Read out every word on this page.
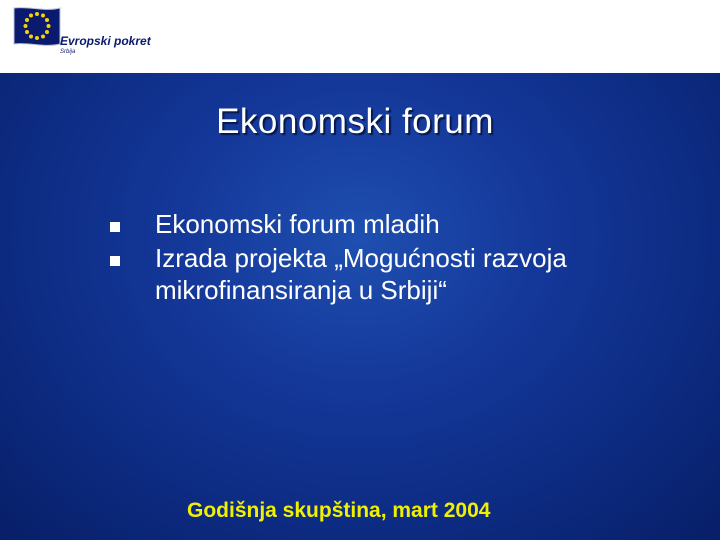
Evropski pokret
Srbija
Ekonomski forum
Ekonomski forum mladih
Izrada projekta „Mogućnosti razvoja mikrofinansiranja u Srbiji“
Godišnja skupština, mart 2004
